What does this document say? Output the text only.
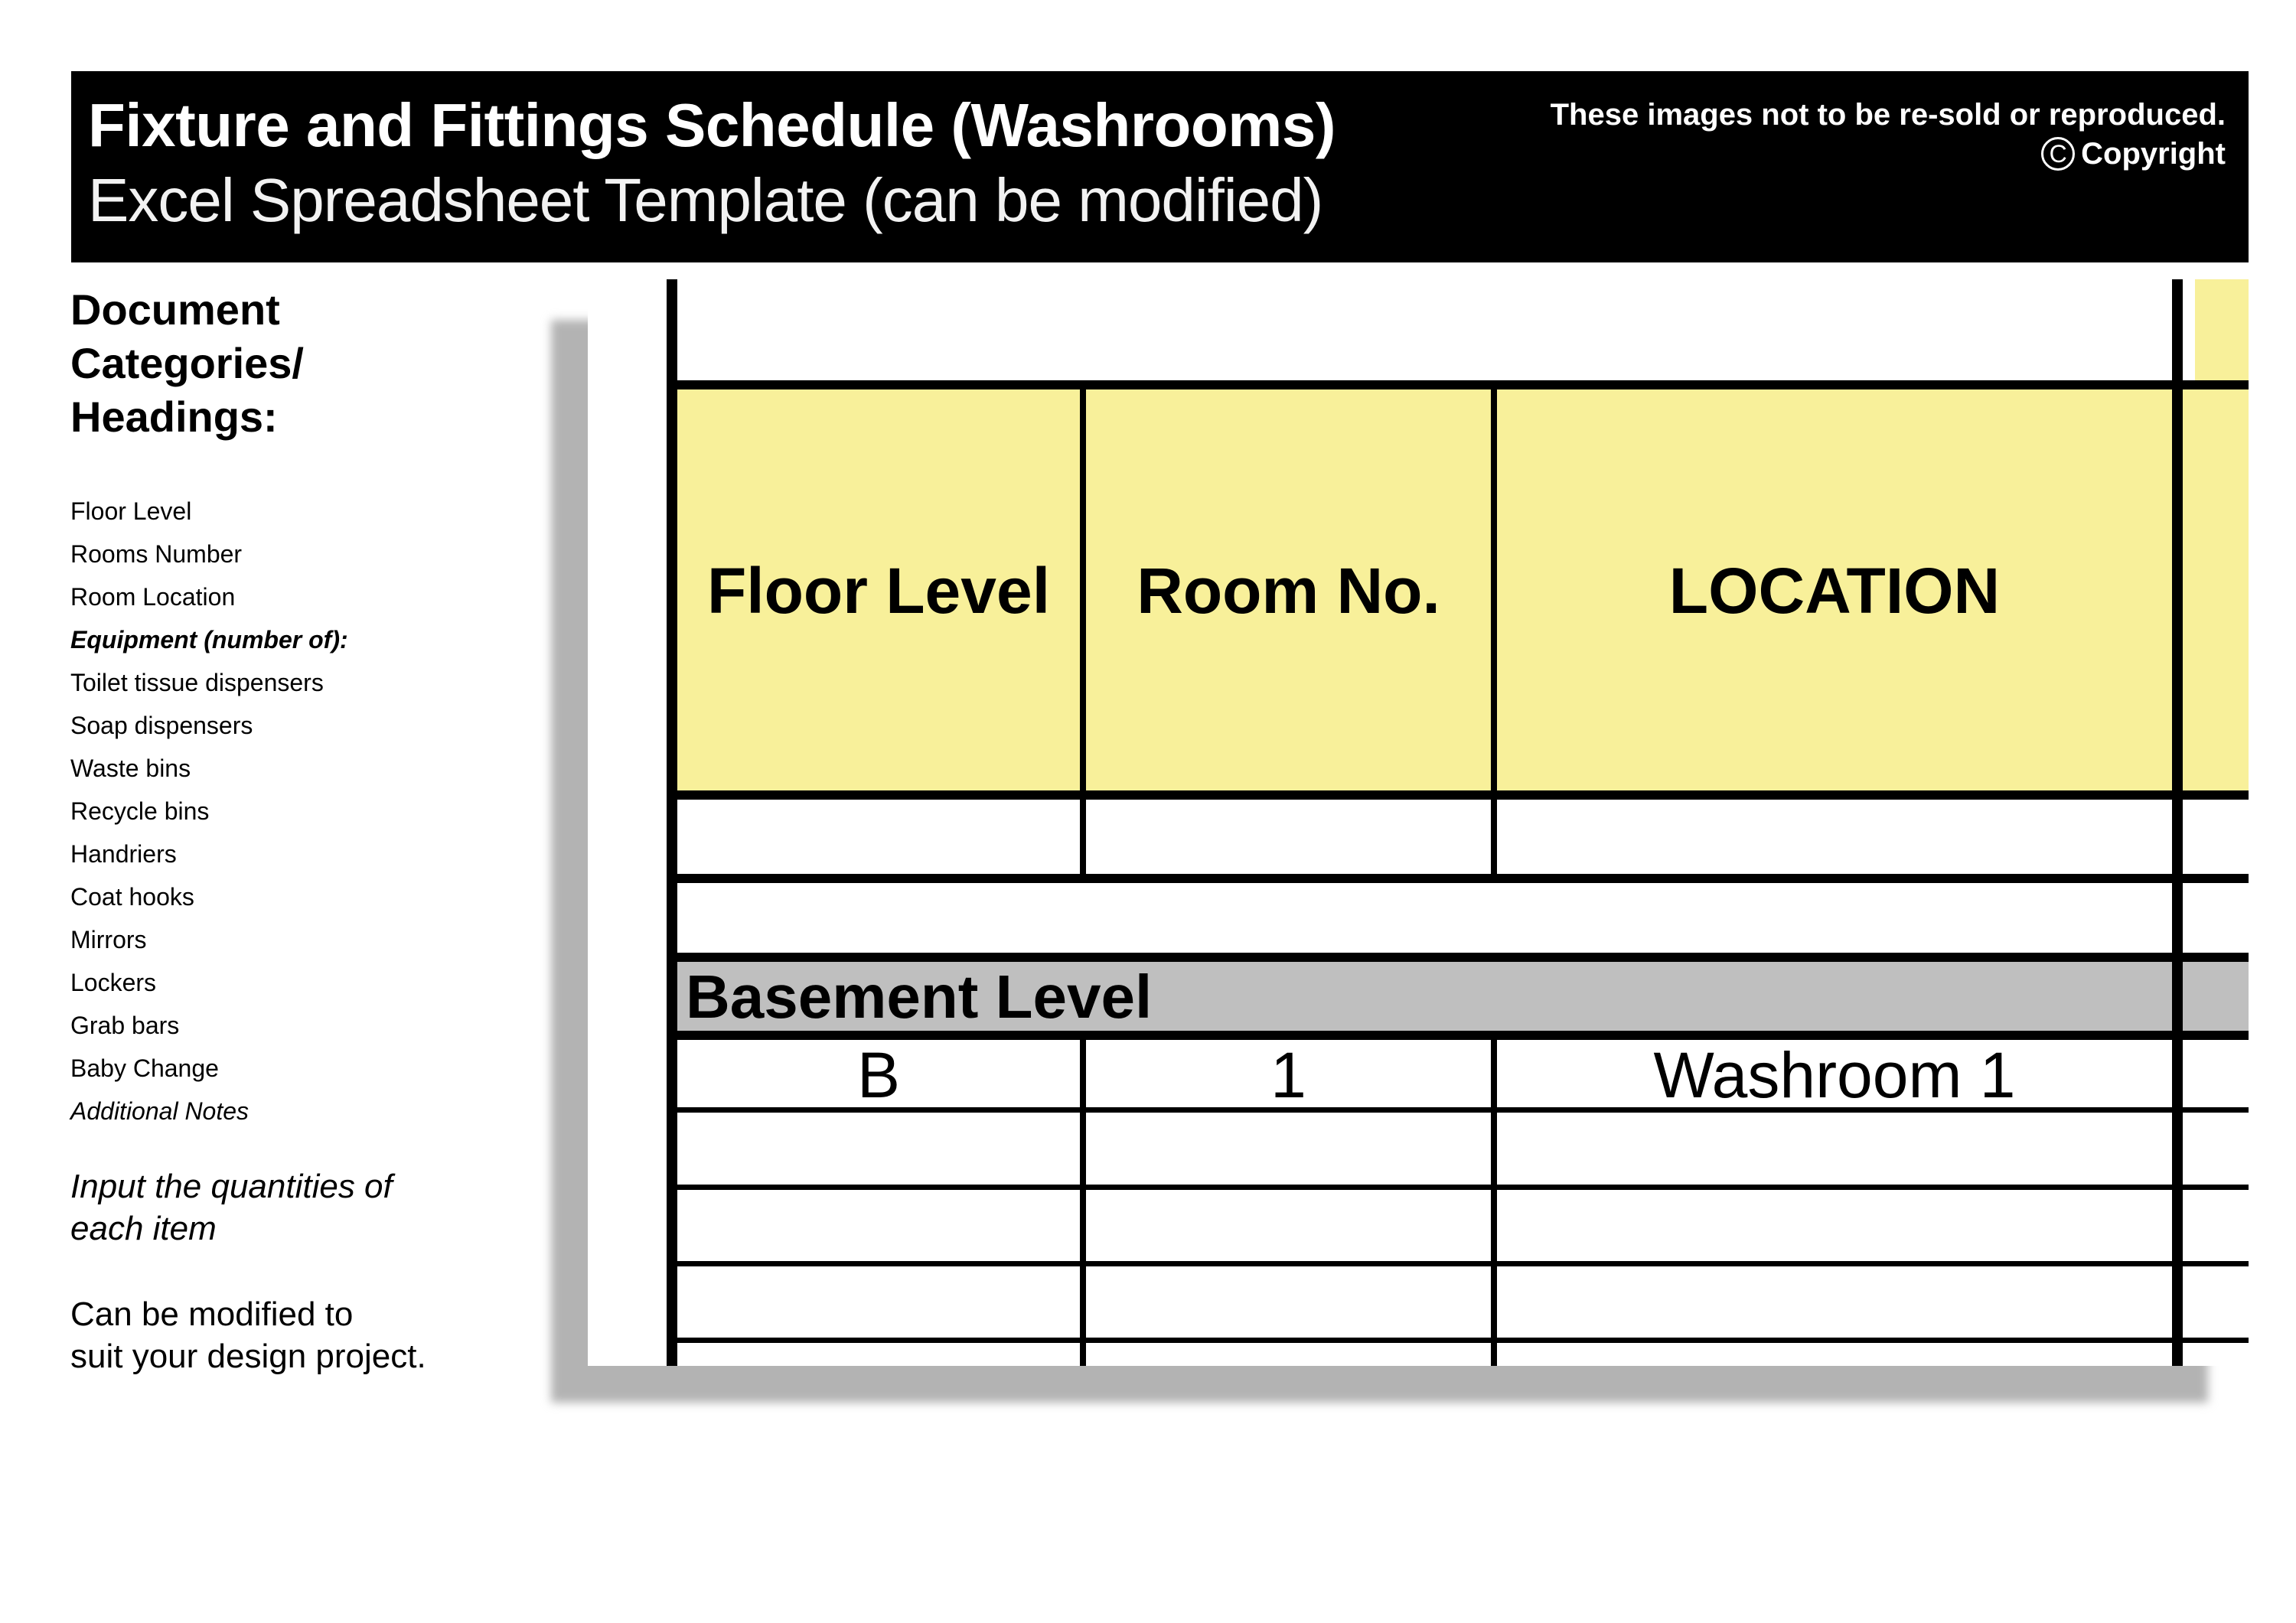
Fixture and Fittings Schedule (Washrooms)
Excel Spreadsheet Template (can be modified)
These images not to be re-sold or reproduced.
C Copyright
Document
Categories/
Headings:
Floor Level
Rooms Number
Room Location
Equipment (number of):
Toilet tissue dispensers
Soap dispensers
Waste bins
Recycle bins
Handriers
Coat hooks
Mirrors
Lockers
Grab bars
Baby Change
Additional Notes
Input the quantities of
each item
Can be modified to
suit your design project.
Floor Level	Room No.	LOCATION
Basement Level
B	1	Washroom 1
